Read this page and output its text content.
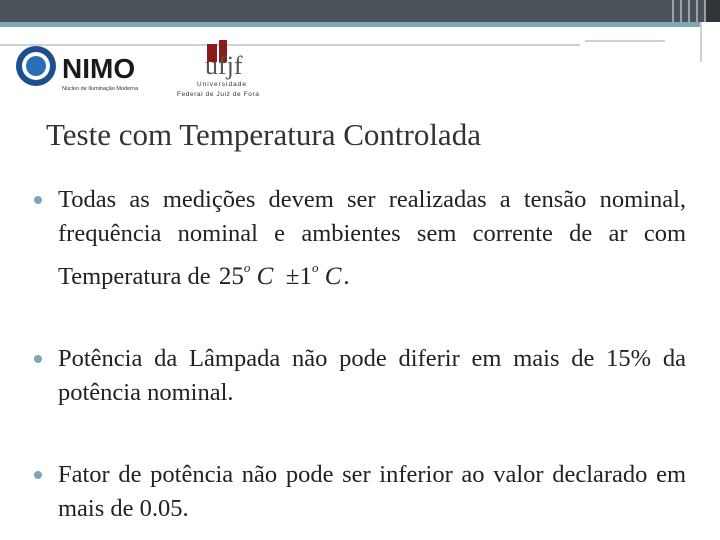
NIMO
Núcleo de Iluminação Moderna
ufjf
Universidade
Federal de Juiz de Fora
Teste com Temperatura Controlada
Todas as medições devem ser realizadas a tensão nominal, frequência nominal e ambientes sem corrente de ar com Temperatura de 25$^o$ $C \pm 1^o$ C.
Potência da Lâmpada não pode diferir em mais de 15% da potência nominal.
Fator de potência não pode ser inferior ao valor declarado em mais de 0.05.
